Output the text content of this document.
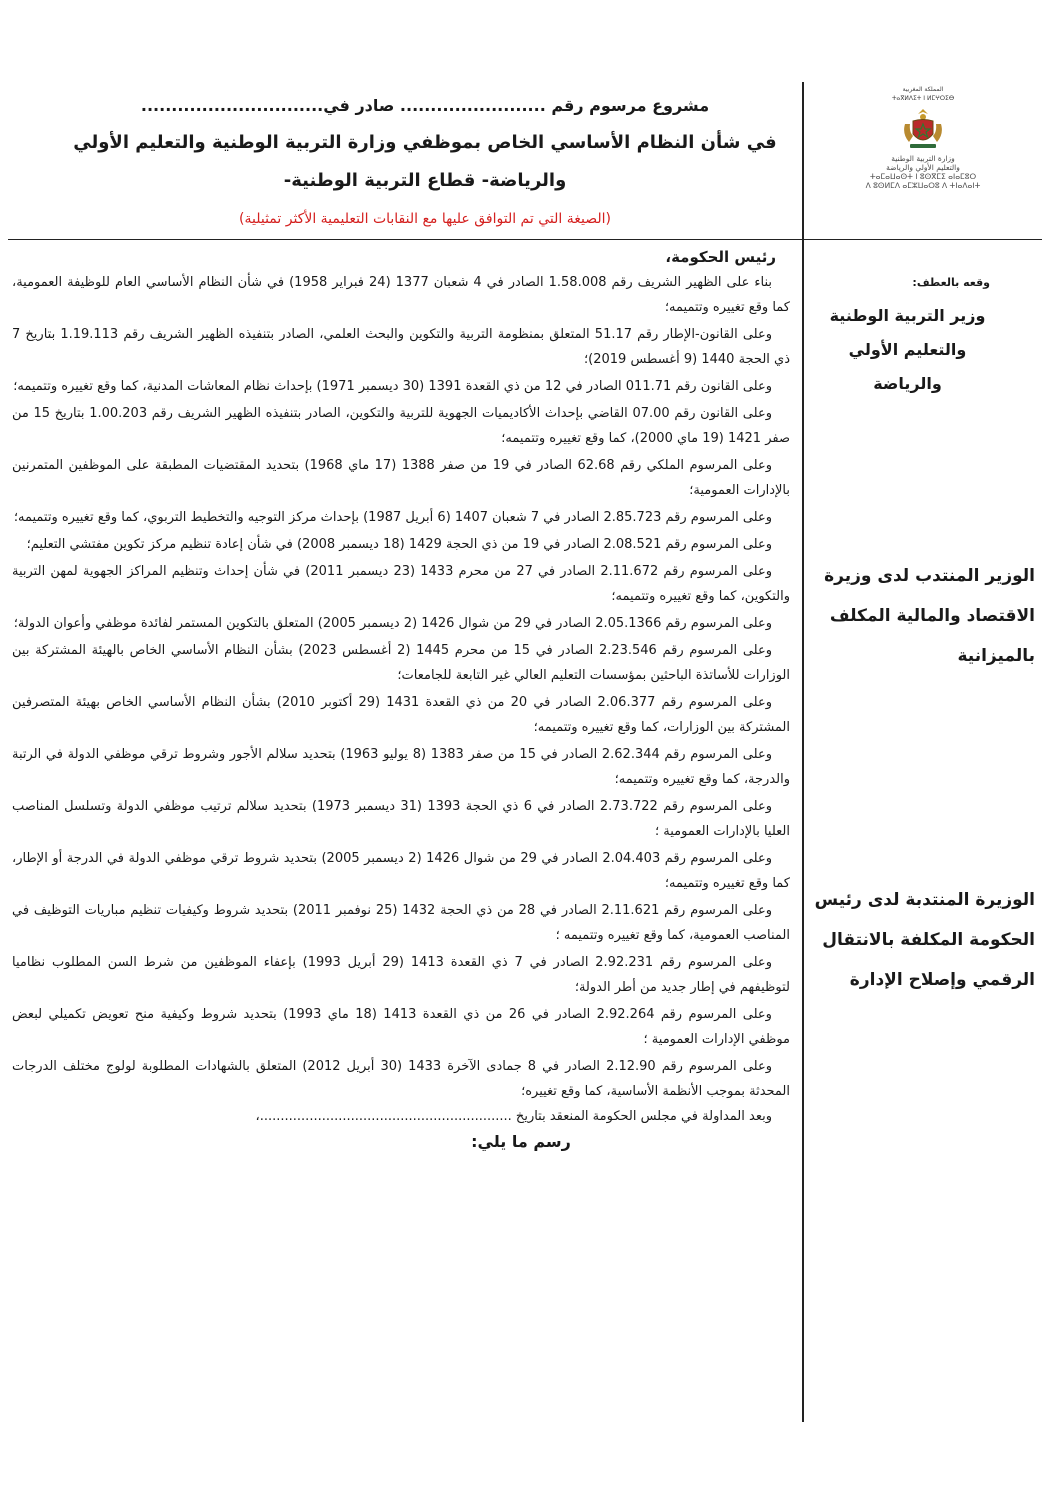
المملكة المغربية
ⵜⴰⴳⵍⴷⵉⵜ ⵏ ⵍⵎⵖⵔⵉⴱ
وزارة التربية الوطنية
والتعليم الأولي والرياضة
ⵜⴰⵎⴰⵡⴰⵙⵜ ⵏ ⵓⵙⴳⵎⵉ ⴰⵏⴰⵎⵓⵔ
ⴷ ⵓⵙⵍⵎⴷ ⴰⵎⵣⵡⴰⵔⵓ ⴷ ⵜⵏⴰⴷⴰⵏⵜ

مشروع مرسوم رقم ........................ صادر في..............................

في شأن النظام الأساسي الخاص بموظفي وزارة التربية الوطنية والتعليم الأولي والرياضة- قطاع التربية الوطنية-

(الصيغة التي تم التوافق عليها مع النقابات التعليمية الأكثر تمثيلية)

وقعه بالعطف:
وزير التربية الوطنية والتعليم الأولي والرياضة
الوزير المنتدب لدى وزيرة الاقتصاد والمالية المكلف بالميزانية
الوزيرة المنتدبة لدى رئيس الحكومة المكلفة بالانتقال الرقمي وإصلاح الإدارة

رئيس الحكومة،

بناء على الظهير الشريف رقم 1.58.008 الصادر في 4 شعبان 1377 (24 فبراير 1958) في شأن النظام الأساسي العام للوظيفة العمومية، كما وقع تغييره وتتميمه؛

وعلى القانون-الإطار رقم 51.17 المتعلق بمنظومة التربية والتكوين والبحث العلمي، الصادر بتنفيذه الظهير الشريف رقم 1.19.113 بتاريخ 7 ذي الحجة 1440 (9 أغسطس 2019)؛

وعلى القانون رقم 011.71 الصادر في 12 من ذي القعدة 1391 (30 ديسمبر 1971) بإحداث نظام المعاشات المدنية، كما وقع تغييره وتتميمه؛

وعلى القانون رقم 07.00 القاضي بإحداث الأكاديميات الجهوية للتربية والتكوين، الصادر بتنفيذه الظهير الشريف رقم 1.00.203 بتاريخ 15 من صفر 1421 (19 ماي 2000)، كما وقع تغييره وتتميمه؛

وعلى المرسوم الملكي رقم 62.68 الصادر في 19 من صفر 1388 (17 ماي 1968) بتحديد المقتضيات المطبقة على الموظفين المتمرنين بالإدارات العمومية؛

وعلى المرسوم رقم 2.85.723 الصادر في 7 شعبان 1407 (6 أبريل 1987) بإحداث مركز التوجيه والتخطيط التربوي، كما وقع تغييره وتتميمه؛

وعلى المرسوم رقم 2.08.521 الصادر في 19 من ذي الحجة 1429 (18 ديسمبر 2008) في شأن إعادة تنظيم مركز تكوين مفتشي التعليم؛

وعلى المرسوم رقم 2.11.672 الصادر في 27 من محرم 1433 (23 ديسمبر 2011) في شأن إحداث وتنظيم المراكز الجهوية لمهن التربية والتكوين، كما وقع تغييره وتتميمه؛

وعلى المرسوم رقم 2.05.1366 الصادر في 29 من شوال 1426 (2 ديسمبر 2005) المتعلق بالتكوين المستمر لفائدة موظفي وأعوان الدولة؛

وعلى المرسوم رقم 2.23.546 الصادر في 15 من محرم 1445 (2 أغسطس 2023) بشأن النظام الأساسي الخاص بالهيئة المشتركة بين الوزارات للأساتذة الباحثين بمؤسسات التعليم العالي غير التابعة للجامعات؛

وعلى المرسوم رقم 2.06.377 الصادر في 20 من ذي القعدة 1431 (29 أكتوبر 2010) بشأن النظام الأساسي الخاص بهيئة المتصرفين المشتركة بين الوزارات، كما وقع تغييره وتتميمه؛

وعلى المرسوم رقم 2.62.344 الصادر في 15 من صفر 1383 (8 يوليو 1963) بتحديد سلالم الأجور وشروط ترقي موظفي الدولة في الرتبة والدرجة، كما وقع تغييره وتتميمه؛

وعلى المرسوم رقم 2.73.722 الصادر في 6 ذي الحجة 1393 (31 ديسمبر 1973) بتحديد سلالم ترتيب موظفي الدولة وتسلسل المناصب العليا بالإدارات العمومية ؛

وعلى المرسوم رقم 2.04.403 الصادر في 29 من شوال 1426 (2 ديسمبر 2005) بتحديد شروط ترقي موظفي الدولة في الدرجة أو الإطار، كما وقع تغييره وتتميمه؛

وعلى المرسوم رقم 2.11.621 الصادر في 28 من ذي الحجة 1432 (25 نوفمبر 2011) بتحديد شروط وكيفيات تنظيم مباريات التوظيف في المناصب العمومية، كما وقع تغييره وتتميمه ؛

وعلى المرسوم رقم 2.92.231 الصادر في 7 ذي القعدة 1413 (29 أبريل 1993) بإعفاء الموظفين من شرط السن المطلوب نظاميا لتوظيفهم في إطار جديد من أطر الدولة؛

وعلى المرسوم رقم 2.92.264 الصادر في 26 من ذي القعدة 1413 (18 ماي 1993) بتحديد شروط وكيفية منح تعويض تكميلي لبعض موظفي الإدارات العمومية ؛

وعلى المرسوم رقم 2.12.90 الصادر في 8 جمادى الآخرة 1433 (30 أبريل 2012) المتعلق بالشهادات المطلوبة لولوج مختلف الدرجات المحدثة بموجب الأنظمة الأساسية، كما وقع تغييره؛

وبعد المداولة في مجلس الحكومة المنعقد بتاريخ .............................................................،

رسم ما يلي:
